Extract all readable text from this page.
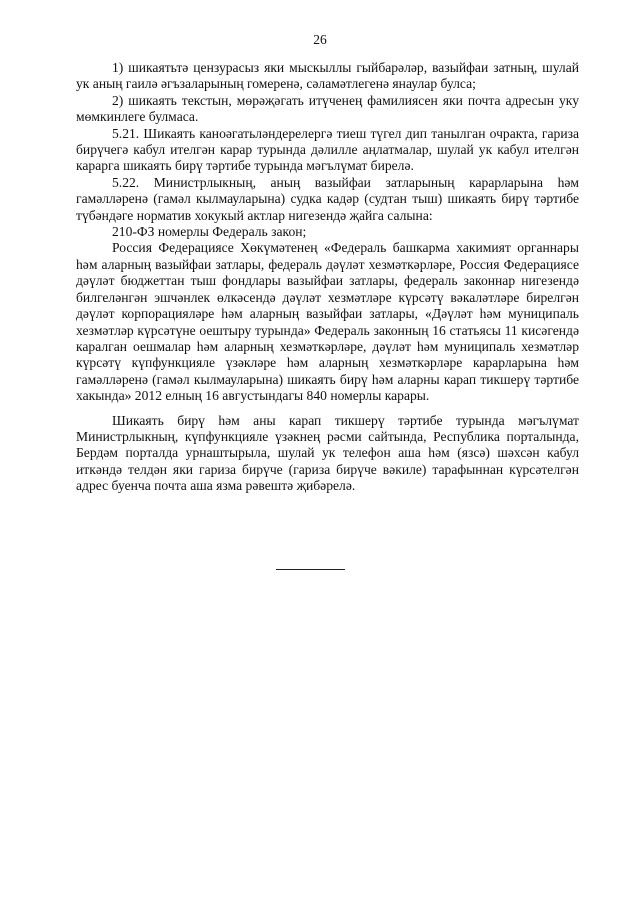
26

1) шикаятьтә цензурасыз яки мыскыллы гыйбарәләр, вазыйфаи затның, шулай ук аның гаилә әгъзаларының гомеренә, сәламәтлегенә янаулар булса;

2) шикаять текстын, мөрәҗәгать итүченең фамилиясен яки почта адресын уку мөмкинлеге булмаса.

5.21. Шикаять каноәгатьләндерелергә тиеш түгел дип танылган очракта, гариза бирүчегә кабул ителгән карар турында дәлилле аңлатмалар, шулай ук кабул ителгән карарга шикаять бирү тәртибе турында мәгълүмат бирелә.

5.22. Министрлыкның, аның вазыйфаи затларының карарларына һәм гамәлләренә (гамәл кылмауларына) судка кадәр (судтан тыш) шикаять бирү тәртибе түбәндәге норматив хокукый актлар нигезендә җайга салына:

210-ФЗ номерлы Федераль закон;

Россия Федерациясе Хөкүмәтенең «Федераль башкарма хакимият органнары һәм аларның вазыйфаи затлары, федераль дәүләт хезмәткәрләре, Россия Федерациясе дәүләт бюджеттан тыш фондлары вазыйфаи затлары, федераль законнар нигезендә билгеләнгән эшчәнлек өлкәсендә дәүләт хезмәтләре күрсәтү вәкаләтләре бирелгән дәүләт корпорацияләре һәм аларның вазыйфаи затлары, «Дәүләт һәм муниципаль хезмәтләр күрсәтүне оештыру турында» Федераль законның 16 статьясы 11 кисәгендә каралган оешмалар һәм аларның хезмәткәрләре, дәүләт һәм муниципаль хезмәтләр күрсәтү күпфункцияле үзәкләре һәм аларның хезмәткәрләре карарларына һәм гамәлләренә (гамәл кылмауларына) шикаять бирү һәм аларны карап тикшерү тәртибе хакында» 2012 елның 16 августындагы 840 номерлы карары.

Шикаять бирү һәм аны карап тикшерү тәртибе турында мәгълүмат Министрлыкның, күпфункцияле үзәкнең рәсми сайтында, Республика порталында, Бердәм порталда урнаштырыла, шулай ук телефон аша һәм (язсә) шәхсән кабул иткәндә телдән яки гариза бирүче (гариза бирүче вәкиле) тарафыннан күрсәтелгән адрес буенча почта аша язма рәвештә җибәрелә.
